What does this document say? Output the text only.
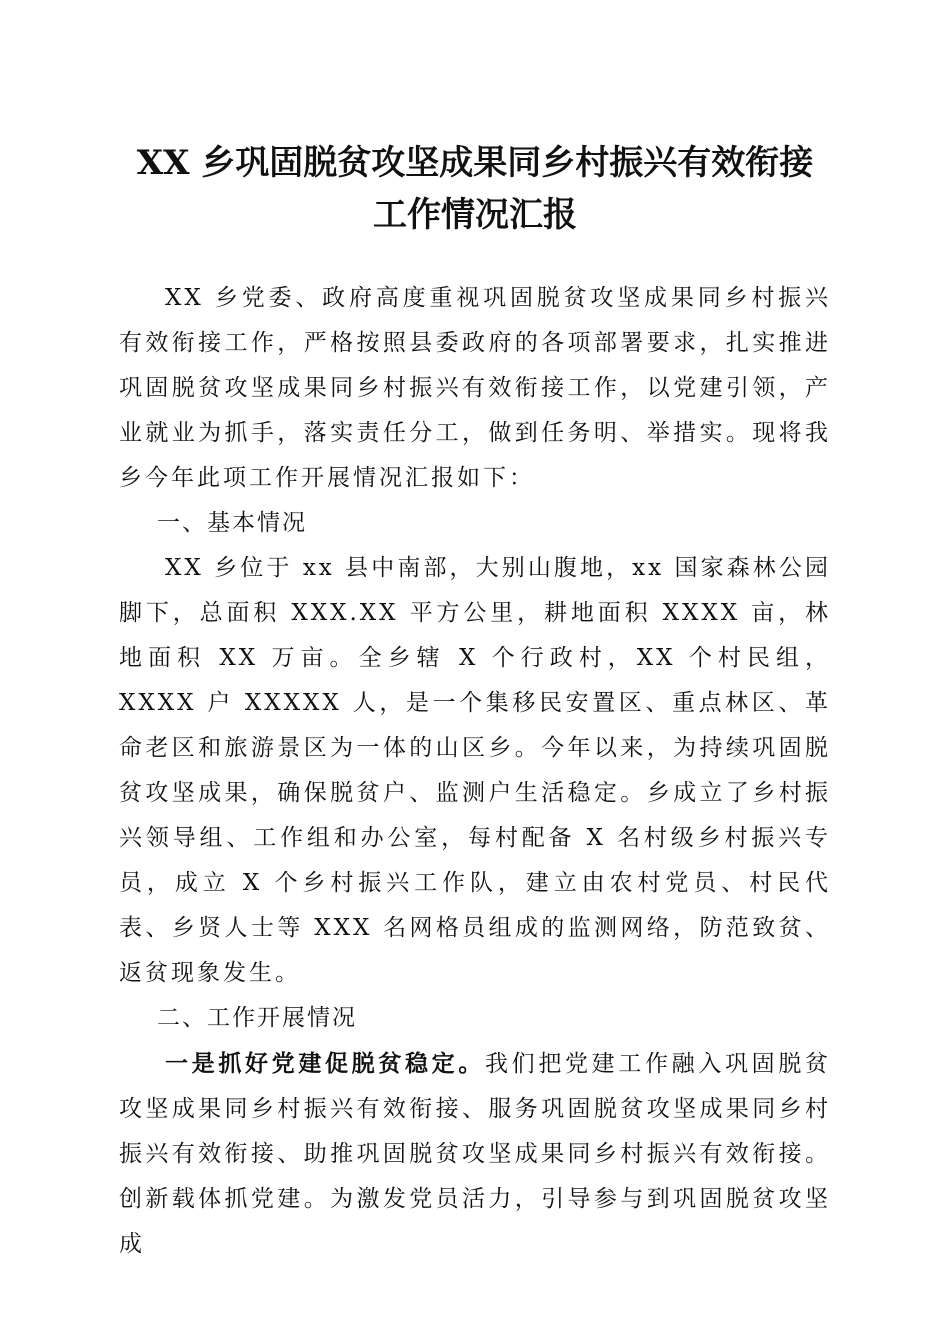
XX 乡巩固脱贫攻坚成果同乡村振兴有效衔接
工作情况汇报

XX 乡党委、政府高度重视巩固脱贫攻坚成果同乡村振兴有效衔接工作，严格按照县委政府的各项部署要求，扎实推进巩固脱贫攻坚成果同乡村振兴有效衔接工作，以党建引领，产业就业为抓手，落实责任分工，做到任务明、举措实。现将我乡今年此项工作开展情况汇报如下：

一、基本情况

XX 乡位于 xx 县中南部，大别山腹地，xx 国家森林公园脚下，总面积 XXX.XX 平方公里，耕地面积 XXXX 亩，林地面积 XX 万亩。全乡辖 X 个行政村，XX 个村民组，XXXX 户 XXXXX 人，是一个集移民安置区、重点林区、革命老区和旅游景区为一体的山区乡。今年以来，为持续巩固脱贫攻坚成果，确保脱贫户、监测户生活稳定。乡成立了乡村振兴领导组、工作组和办公室，每村配备 X 名村级乡村振兴专员，成立 X 个乡村振兴工作队，建立由农村党员、村民代表、乡贤人士等 XXX 名网格员组成的监测网络，防范致贫、返贫现象发生。

二、工作开展情况

一是抓好党建促脱贫稳定。我们把党建工作融入巩固脱贫攻坚成果同乡村振兴有效衔接、服务巩固脱贫攻坚成果同乡村振兴有效衔接、助推巩固脱贫攻坚成果同乡村振兴有效衔接。创新载体抓党建。为激发党员活力，引导参与到巩固脱贫攻坚成
